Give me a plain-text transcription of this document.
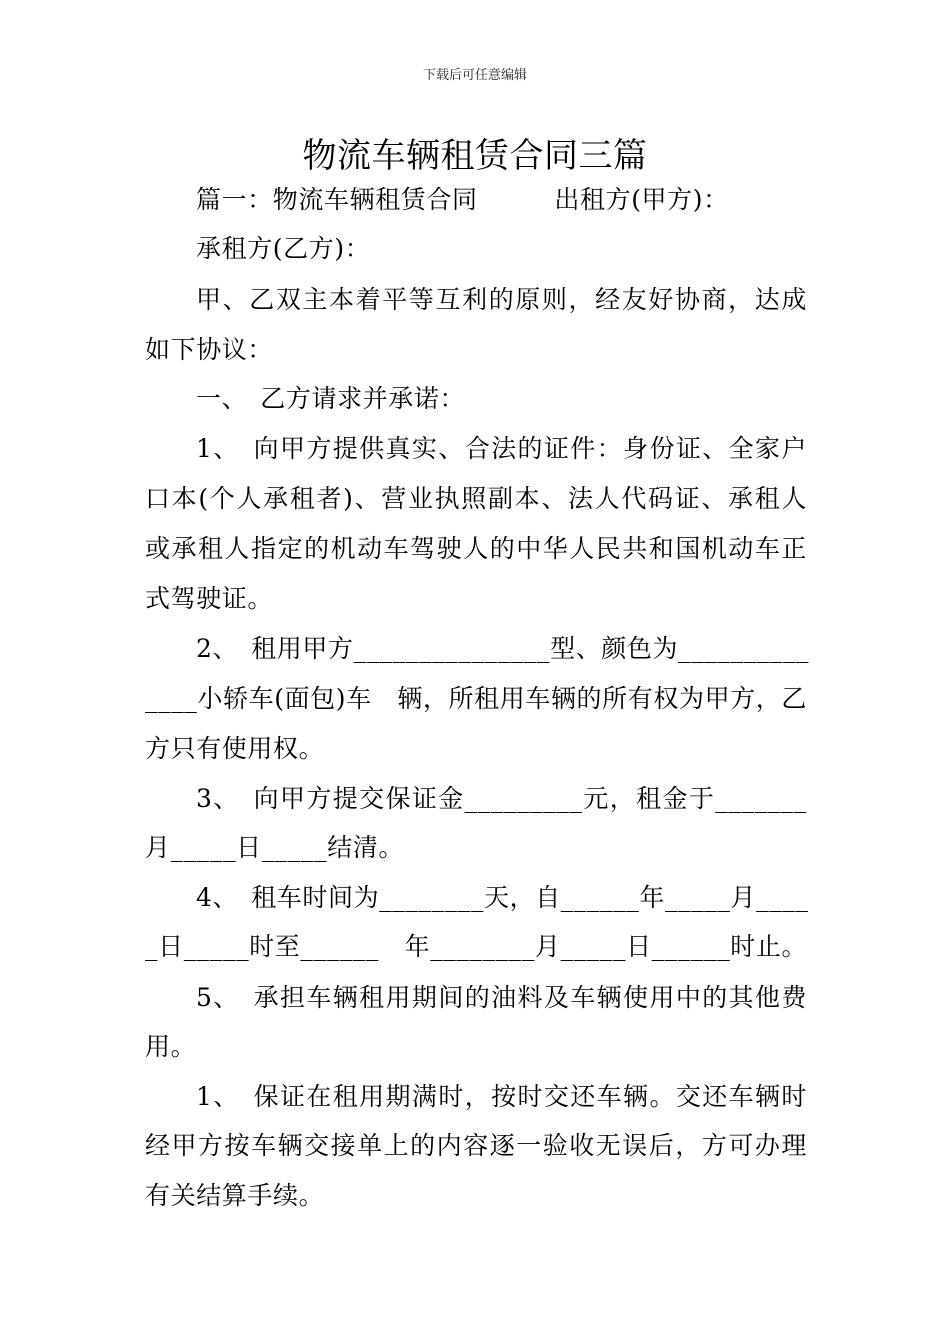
下载后可任意编辑
物流车辆租赁合同三篇
篇一：物流车辆租赁合同　　　出租方(甲方)：
承租方(乙方)：
甲、乙双主本着平等互利的原则，经友好协商，达成
如下协议：
一、　乙方请求并承诺：
1、　向甲方提供真实、合法的证件：身份证、全家户
口本(个人承租者)、营业执照副本、法人代码证、承租人
或承租人指定的机动车驾驶人的中华人民共和国机动车正
式驾驶证。
2、　租用甲方_______________型、颜色为__________
____小轿车(面包)车　辆，所租用车辆的所有权为甲方，乙
方只有使用权。
3、　向甲方提交保证金_________元，租金于_______
月_____日_____结清。
4、　租车时间为________天，自______年_____月____
_日_____时至______　年________月_____日______时止。
5、　承担车辆租用期间的油料及车辆使用中的其他费
用。
1、　保证在租用期满时，按时交还车辆。交还车辆时
经甲方按车辆交接单上的内容逐一验收无误后，方可办理
有关结算手续。
